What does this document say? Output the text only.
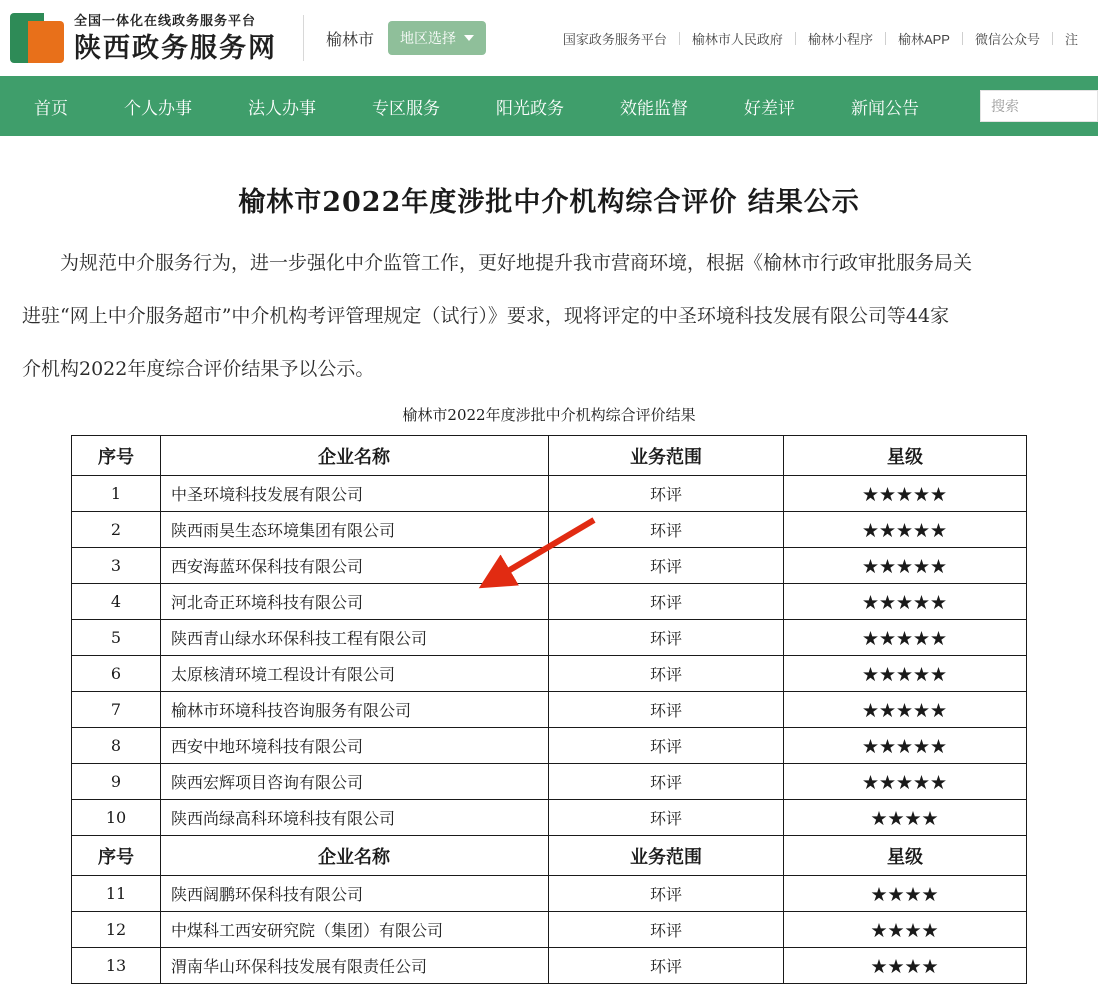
全国一体化在线政务服务平台
陕西政务服务网	榆林市 地区选择	国家政务服务平台	榆林市人民政府	榆林小程序	榆林APP	微信公众号	注
首页	个人办事	法人办事	专区服务	阳光政务	效能监督	好差评	新闻公告	搜索
榆林市2022年度涉批中介机构综合评价 结果公示
为规范中介服务行为，进一步强化中介监管工作，更好地提升我市营商环境，根据《榆林市行政审批服务局关
进驻“网上中介服务超市”中介机构考评管理规定（试行）》要求，现将评定的中圣环境科技发展有限公司等44家
介机构2022年度综合评价结果予以公示。
榆林市2022年度涉批中介机构综合评价结果
序号	企业名称	业务范围	星级
1	中圣环境科技发展有限公司	环评	★★★★★
2	陕西雨昊生态环境集团有限公司	环评	★★★★★
3	西安海蓝环保科技有限公司	环评	★★★★★
4	河北奇正环境科技有限公司	环评	★★★★★
5	陕西青山绿水环保科技工程有限公司	环评	★★★★★
6	太原核清环境工程设计有限公司	环评	★★★★★
7	榆林市环境科技咨询服务有限公司	环评	★★★★★
8	西安中地环境科技有限公司	环评	★★★★★
9	陕西宏辉项目咨询有限公司	环评	★★★★★
10	陕西尚绿高科环境科技有限公司	环评	★★★★
序号	企业名称	业务范围	星级
11	陕西阔鹏环保科技有限公司	环评	★★★★
12	中煤科工西安研究院（集团）有限公司	环评	★★★★
13	渭南华山环保科技发展有限责任公司	环评	★★★★
